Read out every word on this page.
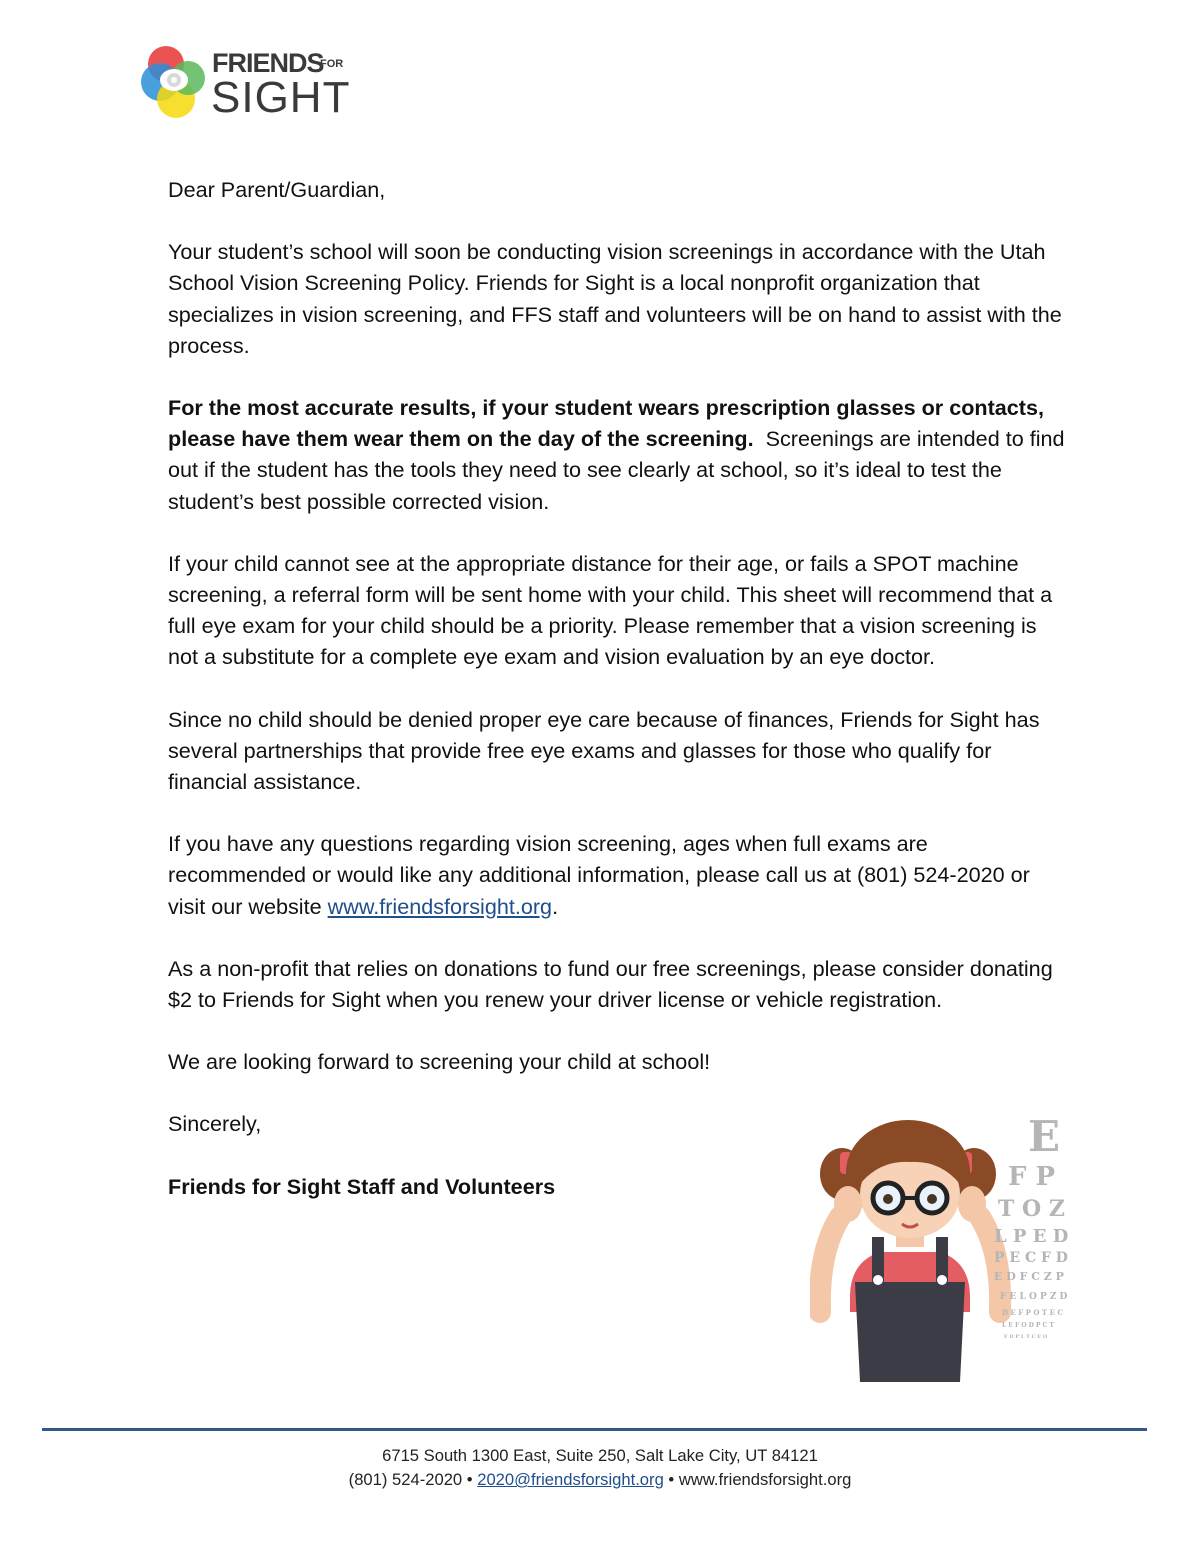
FRIENDS
FOR
SIGHT

Dear Parent/Guardian,

Your student’s school will soon be conducting vision screenings in accordance with the Utah School Vision Screening Policy. Friends for Sight is a local nonprofit organization that specializes in vision screening, and FFS staff and volunteers will be on hand to assist with the process.

For the most accurate results, if your student wears prescription glasses or contacts, please have them wear them on the day of the screening. Screenings are intended to find out if the student has the tools they need to see clearly at school, so it’s ideal to test the student’s best possible corrected vision.

If your child cannot see at the appropriate distance for their age, or fails a SPOT machine screening, a referral form will be sent home with your child. This sheet will recommend that a full eye exam for your child should be a priority. Please remember that a vision screening is not a substitute for a complete eye exam and vision evaluation by an eye doctor.

Since no child should be denied proper eye care because of finances, Friends for Sight has several partnerships that provide free eye exams and glasses for those who qualify for financial assistance.

If you have any questions regarding vision screening, ages when full exams are recommended or would like any additional information, please call us at (801) 524-2020 or visit our website www.friendsforsight.org.

As a non-profit that relies on donations to fund our free screenings, please consider donating $2 to Friends for Sight when you renew your driver license or vehicle registration.

We are looking forward to screening your child at school!

Sincerely,

Friends for Sight Staff and Volunteers

E
F P
T O Z
L P E D
P E C F D
E D F C Z P
F E L O P Z D
D E F P O T E C
L E F O D P C T
F D P L T C E O
6715 South 1300 East, Suite 250, Salt Lake City, UT 84121
(801) 524-2020 • 2020@friendsforsight.org • www.friendsforsight.org
